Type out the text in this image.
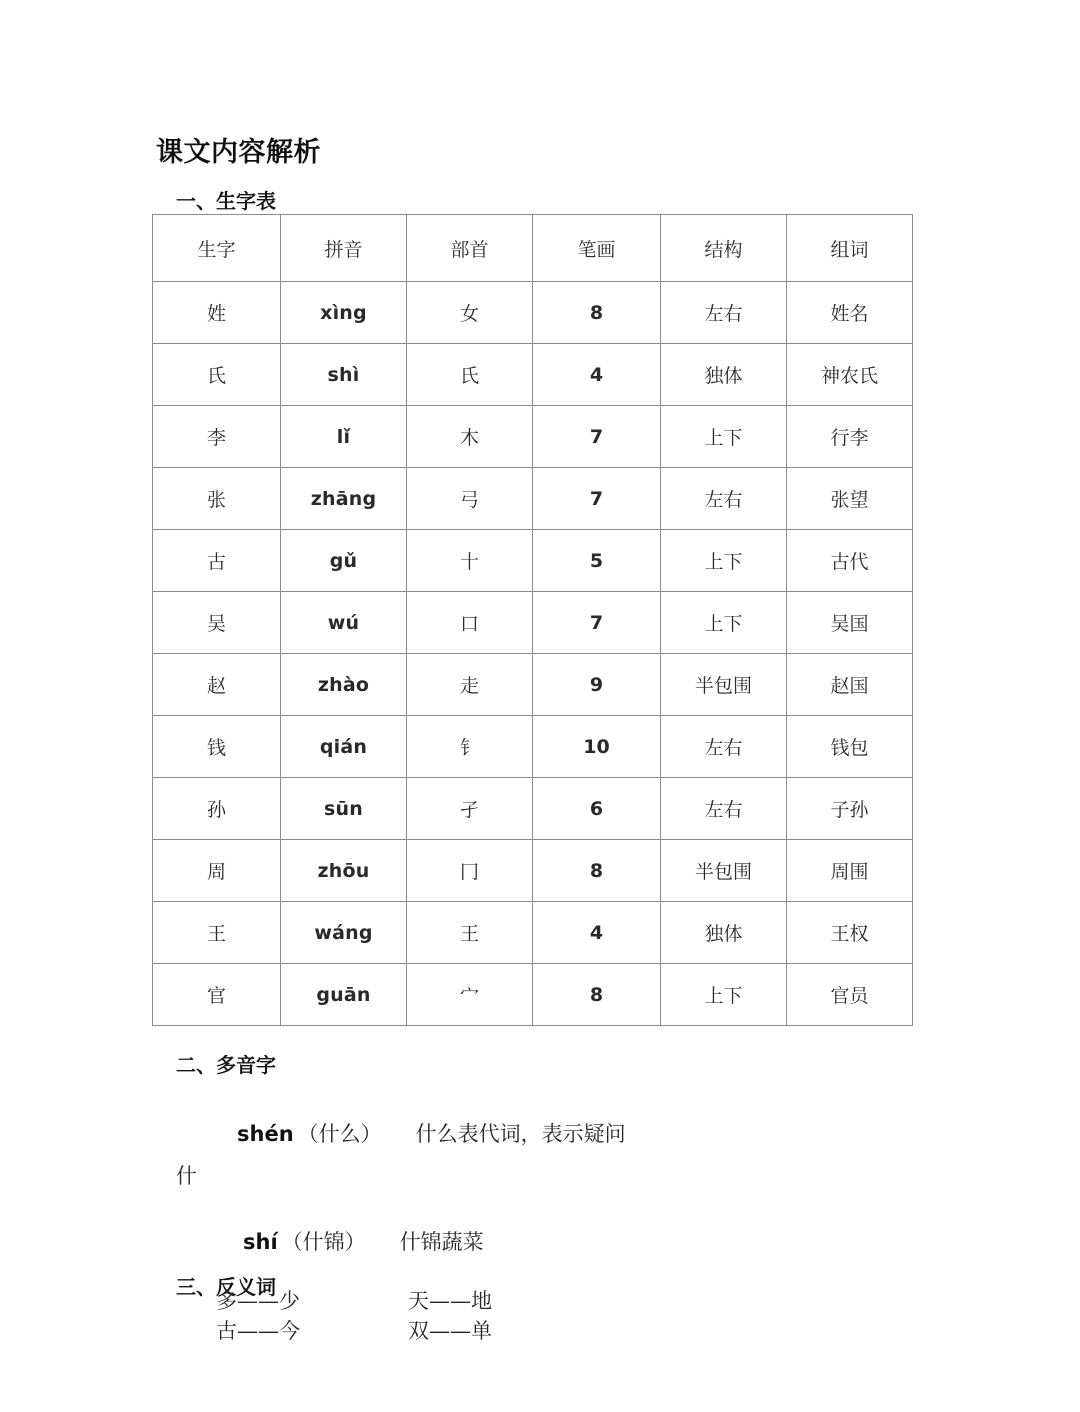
课文内容解析
一、生字表
生字	拼音	部首	笔画	结构	组词
姓	xìng	女	8	左右	姓名
氏	shì	氏	4	独体	神农氏
李	lǐ	木	7	上下	行李
张	zhāng	弓	7	左右	张望
古	gǔ	十	5	上下	古代
吴	wú	口	7	上下	吴国
赵	zhào	走	9	半包围	赵国
钱	qián	钅	10	左右	钱包
孙	sūn	孑	6	左右	子孙
周	zhōu	冂	8	半包围	周围
王	wáng	王	4	独体	王权
官	guān	宀	8	上下	官员
二、多音字
shén （什么） 什么表代词，表示疑问
什
shí （什锦） 什锦蔬菜
三、反义词
多——少	天——地
古——今	双——单
